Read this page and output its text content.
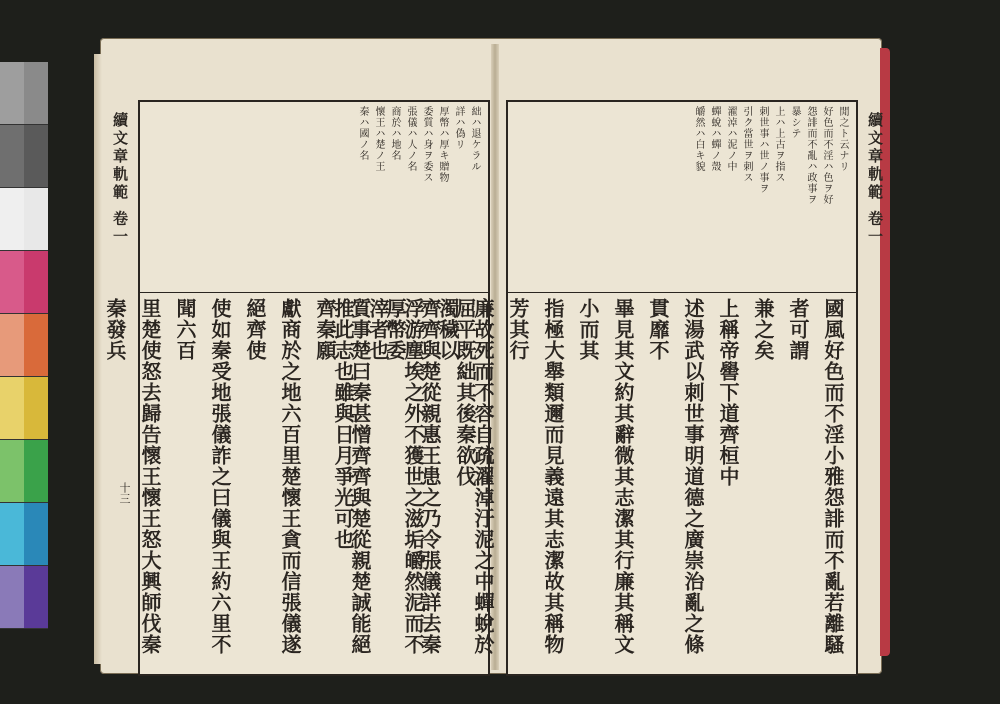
續文章軌範 卷一
十三
絀ハ退ケラル
詳ハ偽リ
厚幣ハ厚キ贈物
委質ハ身ヲ委ス
張儀ハ人ノ名
商於ハ地名
懷王ハ楚ノ王
秦ハ國ノ名
屈平既絀其後秦欲伐
齊齊與楚從親惠王患之乃令張儀詳去秦厚幣委
質事楚曰秦甚憎齊齊與楚從親楚誠能絕齊秦願
獻商於之地六百里楚懷王貪而信張儀遂絕齊使
使如秦受地張儀詐之曰儀與王約六里不聞六百
里楚使怒去歸告懷王懷王怒大興師伐秦秦發兵
續文章軌範 卷一
閒之ト云ナリ
好色而不淫ハ色ヲ好
怨誹而不亂ハ政事ヲ
暴シテ
上ハ上古ヲ指ス
刺世事ハ世ノ事ヲ
引ク當世ヲ刺ス
濯淖ハ泥ノ中
蟬蛻ハ蟬ノ殼
皭然ハ白キ貌
國風好色而不淫小雅怨誹而不亂若離騷者可謂
兼之矣
上稱帝嚳下道齊桓中
述湯武以刺世事明道德之廣崇治亂之條貫靡不
畢見其文約其辭微其志潔其行廉其稱文小而其
指極大舉類邇而見義遠其志潔故其稱物芳其行
廉故死而不容自疏濯淖汙泥之中蟬蛻於濁穢以
浮游塵埃之外不獲世之滋垢皭然泥而不滓者也
推此志也雖與日月爭光可也
